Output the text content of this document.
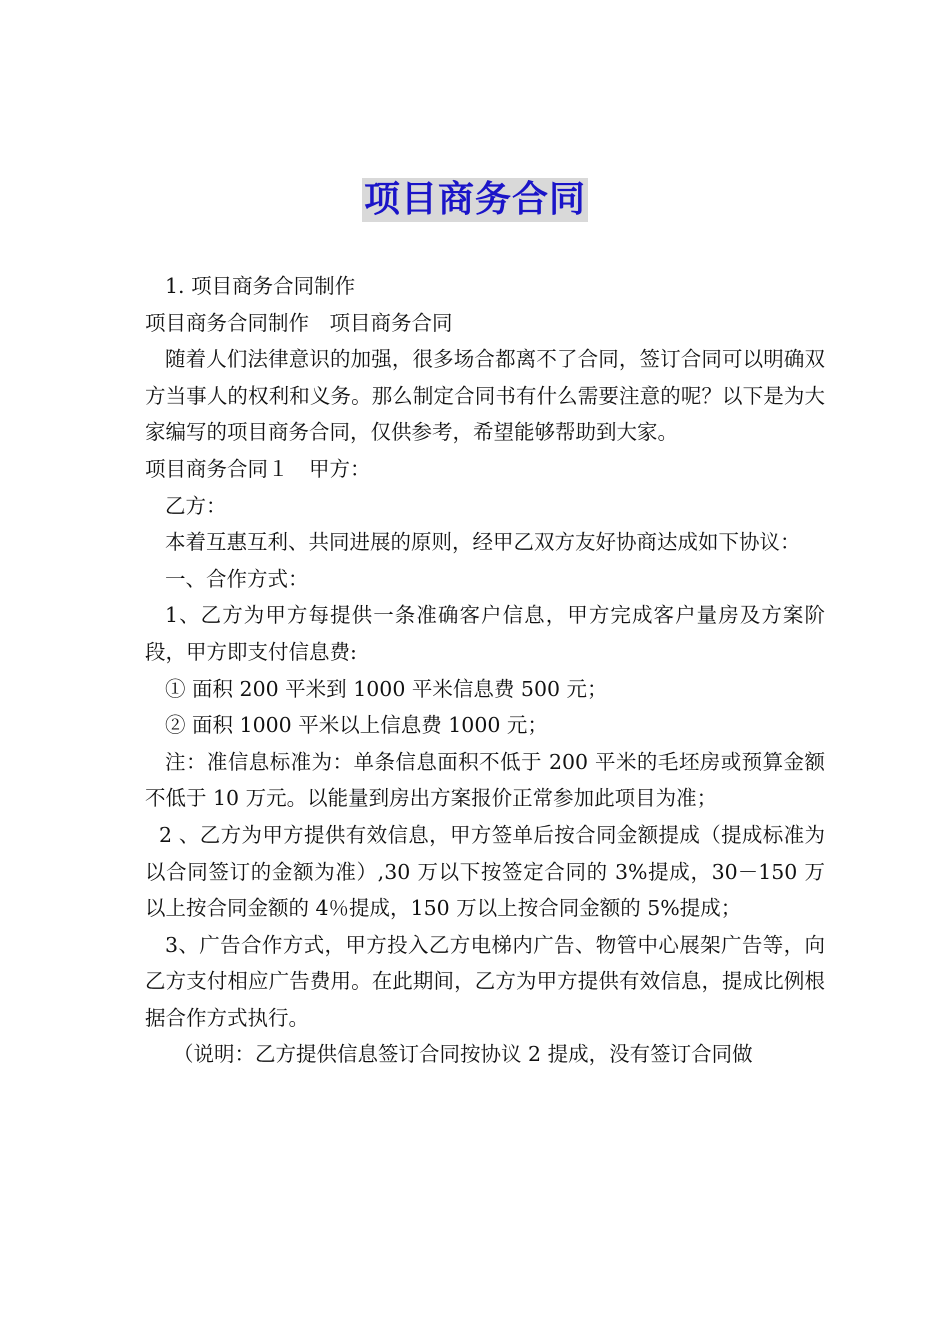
项目商务合同

1. 项目商务合同制作

项目商务合同制作　项目商务合同

随着人们法律意识的加强，很多场合都离不了合同，签订合同可以明确双方当事人的权利和义务。那么制定合同书有什么需要注意的呢？以下是为大家编写的项目商务合同，仅供参考，希望能够帮助到大家。

项目商务合同１　甲方：

乙方：

本着互惠互利、共同进展的原则，经甲乙双方友好协商达成如下协议：

一、合作方式：

1、乙方为甲方每提供一条准确客户信息，甲方完成客户量房及方案阶段，甲方即支付信息费:

① 面积 200 平米到 1000 平米信息费 500 元；

② 面积 1000 平米以上信息费 1000 元；

注：准信息标准为：单条信息面积不低于 200 平米的毛坯房或预算金额不低于 10 万元。以能量到房出方案报价正常参加此项目为准；

2 、乙方为甲方提供有效信息，甲方签单后按合同金额提成（提成标准为以合同签订的金额为准）,30 万以下按签定合同的 3%提成，30－150 万以上按合同金额的 4％提成，150 万以上按合同金额的 5%提成；

3、广告合作方式，甲方投入乙方电梯内广告、物管中心展架广告等，向乙方支付相应广告费用。在此期间，乙方为甲方提供有效信息，提成比例根据合作方式执行。

（说明：乙方提供信息签订合同按协议 2 提成，没有签订合同做
